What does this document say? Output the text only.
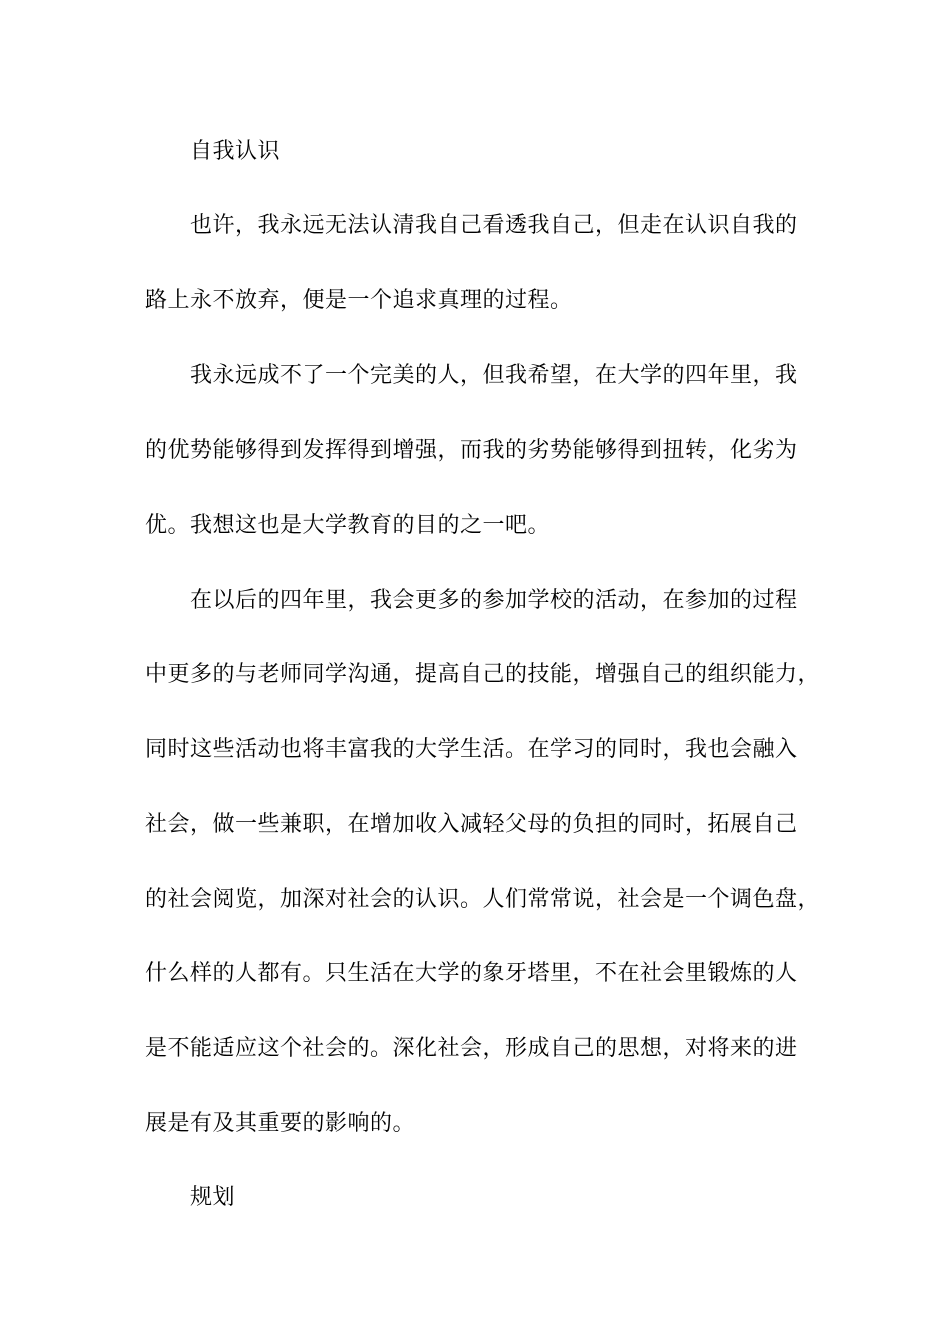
自我认识
也许，我永远无法认清我自己看透我自己，但走在认识自我的
路上永不放弃，便是一个追求真理的过程。
我永远成不了一个完美的人，但我希望，在大学的四年里，我
的优势能够得到发挥得到增强，而我的劣势能够得到扭转，化劣为
优。我想这也是大学教育的目的之一吧。
在以后的四年里，我会更多的参加学校的活动，在参加的过程
中更多的与老师同学沟通，提高自己的技能，增强自己的组织能力，
同时这些活动也将丰富我的大学生活。在学习的同时，我也会融入
社会，做一些兼职，在增加收入减轻父母的负担的同时，拓展自己
的社会阅览，加深对社会的认识。人们常常说，社会是一个调色盘，
什么样的人都有。只生活在大学的象牙塔里，不在社会里锻炼的人
是不能适应这个社会的。深化社会，形成自己的思想，对将来的进
展是有及其重要的影响的。
规划
